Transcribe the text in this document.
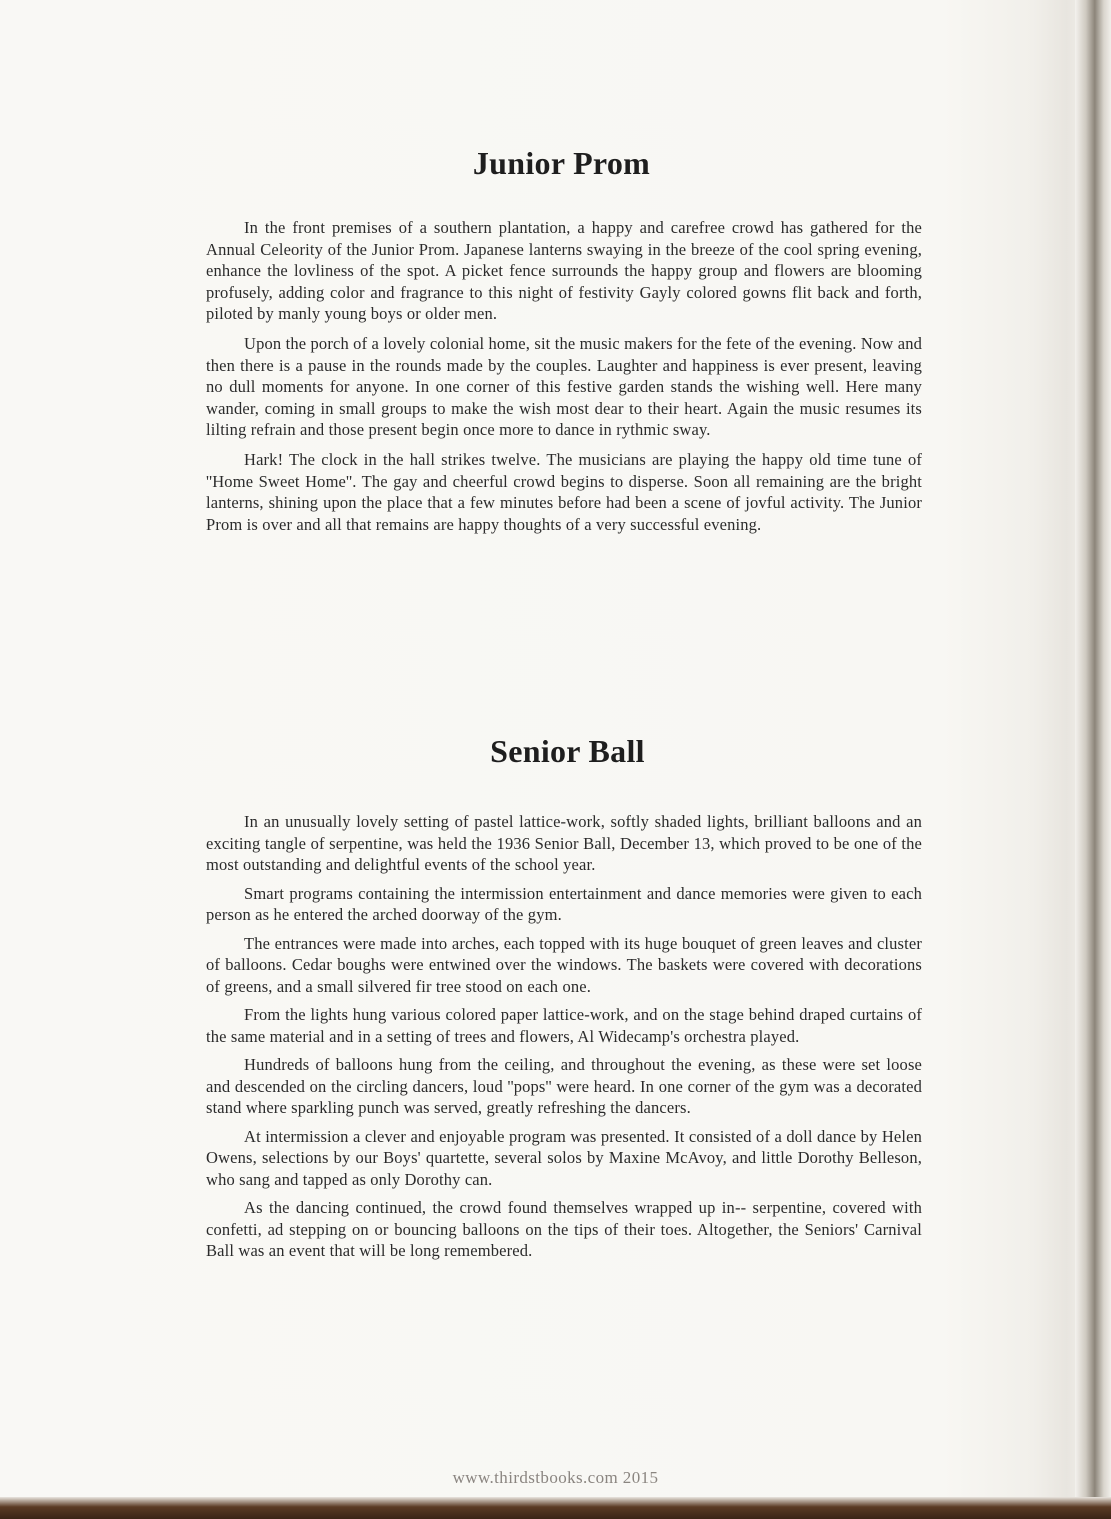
Junior Prom

In the front premises of a southern plantation, a happy and carefree crowd has gathered for the Annual Celeority of the Junior Prom. Japanese lanterns swaying in the breeze of the cool spring evening, enhance the lovliness of the spot. A picket fence surrounds the happy group and flowers are blooming profusely, adding color and fragrance to this night of festivity Gayly colored gowns flit back and forth, piloted by manly young boys or older men.

Upon the porch of a lovely colonial home, sit the music makers for the fete of the evening. Now and then there is a pause in the rounds made by the couples. Laughter and happiness is ever present, leaving no dull moments for anyone. In one corner of this festive garden stands the wishing well. Here many wander, coming in small groups to make the wish most dear to their heart. Again the music resumes its lilting refrain and those present begin once more to dance in rythmic sway.

Hark! The clock in the hall strikes twelve. The musicians are playing the happy old time tune of ''Home Sweet Home''. The gay and cheerful crowd begins to disperse. Soon all remaining are the bright lanterns, shining upon the place that a few minutes before had been a scene of jovful activity. The Junior Prom is over and all that remains are happy thoughts of a very successful evening.

Senior Ball

In an unusually lovely setting of pastel lattice-work, softly shaded lights, brilliant balloons and an exciting tangle of serpentine, was held the 1936 Senior Ball, December 13, which proved to be one of the most outstanding and delightful events of the school year.

Smart programs containing the intermission entertainment and dance memories were given to each person as he entered the arched doorway of the gym.

The entrances were made into arches, each topped with its huge bouquet of green leaves and cluster of balloons. Cedar boughs were entwined over the windows. The baskets were covered with decorations of greens, and a small silvered fir tree stood on each one.

From the lights hung various colored paper lattice-work, and on the stage behind draped curtains of the same material and in a setting of trees and flowers, Al Widecamp's orchestra played.

Hundreds of balloons hung from the ceiling, and throughout the evening, as these were set loose and descended on the circling dancers, loud ''pops'' were heard. In one corner of the gym was a decorated stand where sparkling punch was served, greatly refreshing the dancers.

At intermission a clever and enjoyable program was presented. It consisted of a doll dance by Helen Owens, selections by our Boys' quartette, several solos by Maxine McAvoy, and little Dorothy Belleson, who sang and tapped as only Dorothy can.

As the dancing continued, the crowd found themselves wrapped up in-- serpentine, covered with confetti, ad stepping on or bouncing balloons on the tips of their toes. Altogether, the Seniors' Carnival Ball was an event that will be long remembered.

www.thirdstbooks.com 2015
